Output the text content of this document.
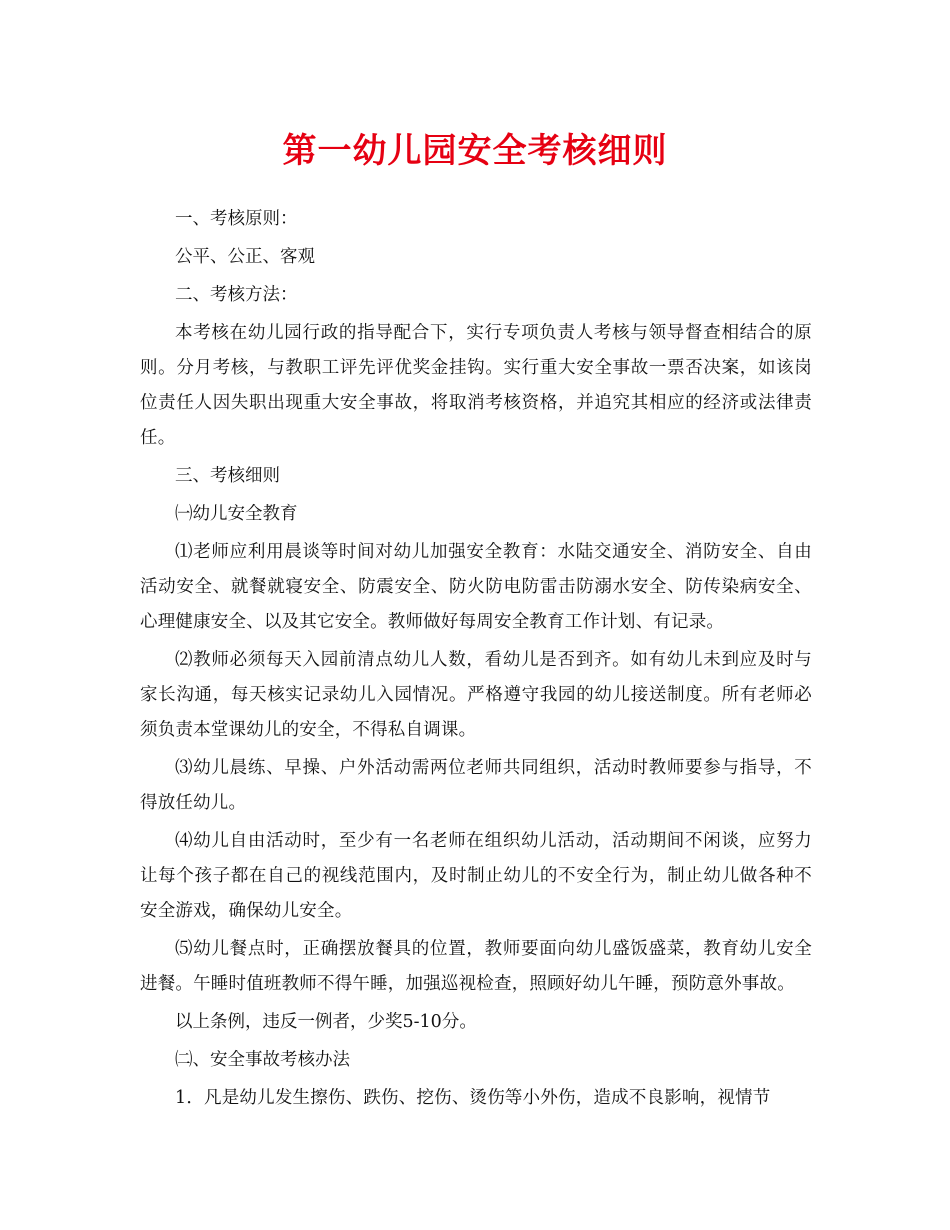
第一幼儿园安全考核细则

一、考核原则：

公平、公正、客观

二、考核方法：

本考核在幼儿园行政的指导配合下，实行专项负责人考核与领导督查相结合的原则。分月考核，与教职工评先评优奖金挂钩。实行重大安全事故一票否决案，如该岗位责任人因失职出现重大安全事故，将取消考核资格，并追究其相应的经济或法律责任。

三、考核细则

㈠幼儿安全教育

⑴老师应利用晨谈等时间对幼儿加强安全教育：水陆交通安全、消防安全、自由活动安全、就餐就寝安全、防震安全、防火防电防雷击防溺水安全、防传染病安全、心理健康安全、以及其它安全。教师做好每周安全教育工作计划、有记录。

⑵教师必须每天入园前清点幼儿人数，看幼儿是否到齐。如有幼儿未到应及时与家长沟通，每天核实记录幼儿入园情况。严格遵守我园的幼儿接送制度。所有老师必须负责本堂课幼儿的安全，不得私自调课。

⑶幼儿晨练、早操、户外活动需两位老师共同组织，活动时教师要参与指导，不得放任幼儿。

⑷幼儿自由活动时，至少有一名老师在组织幼儿活动，活动期间不闲谈，应努力让每个孩子都在自己的视线范围内，及时制止幼儿的不安全行为，制止幼儿做各种不安全游戏，确保幼儿安全。

⑸幼儿餐点时，正确摆放餐具的位置，教师要面向幼儿盛饭盛菜，教育幼儿安全进餐。午睡时值班教师不得午睡，加强巡视检查，照顾好幼儿午睡，预防意外事故。

以上条例，违反一例者，少奖5-10分。

㈡、安全事故考核办法

1．凡是幼儿发生擦伤、跌伤、挖伤、烫伤等小外伤，造成不良影响，视情节
